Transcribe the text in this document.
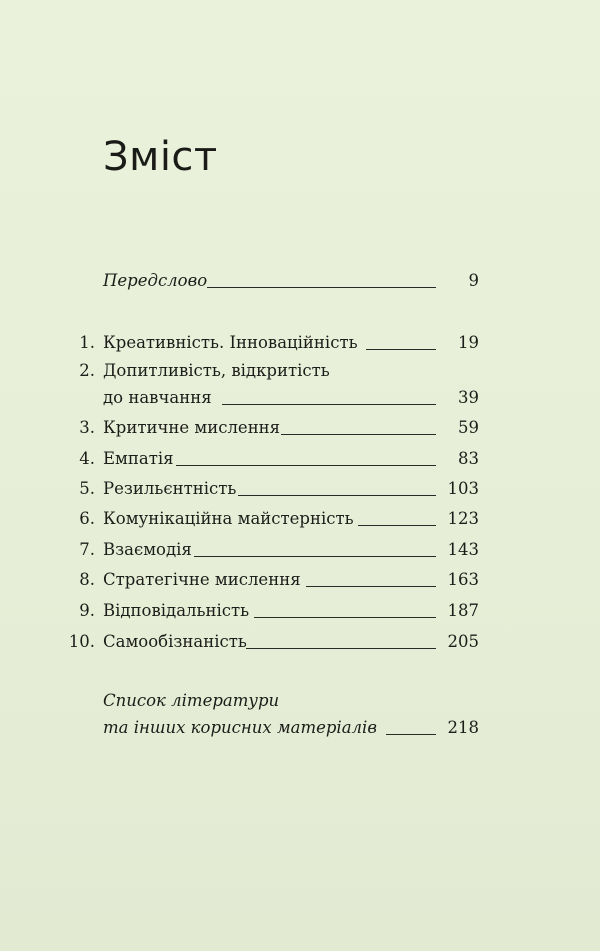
Зміст
Передслово	9
1. Креативність. Інноваційність	19
2. Допитливість, відкритість
до навчання	39
3. Критичне мислення	59
4. Емпатія	83
5. Резильєнтність	103
6. Комунікаційна майстерність	123
7. Взаємодія	143
8. Стратегічне мислення	163
9. Відповідальність	187
10. Самообізнаність	205
Список літератури
та інших корисних матеріалів	218
